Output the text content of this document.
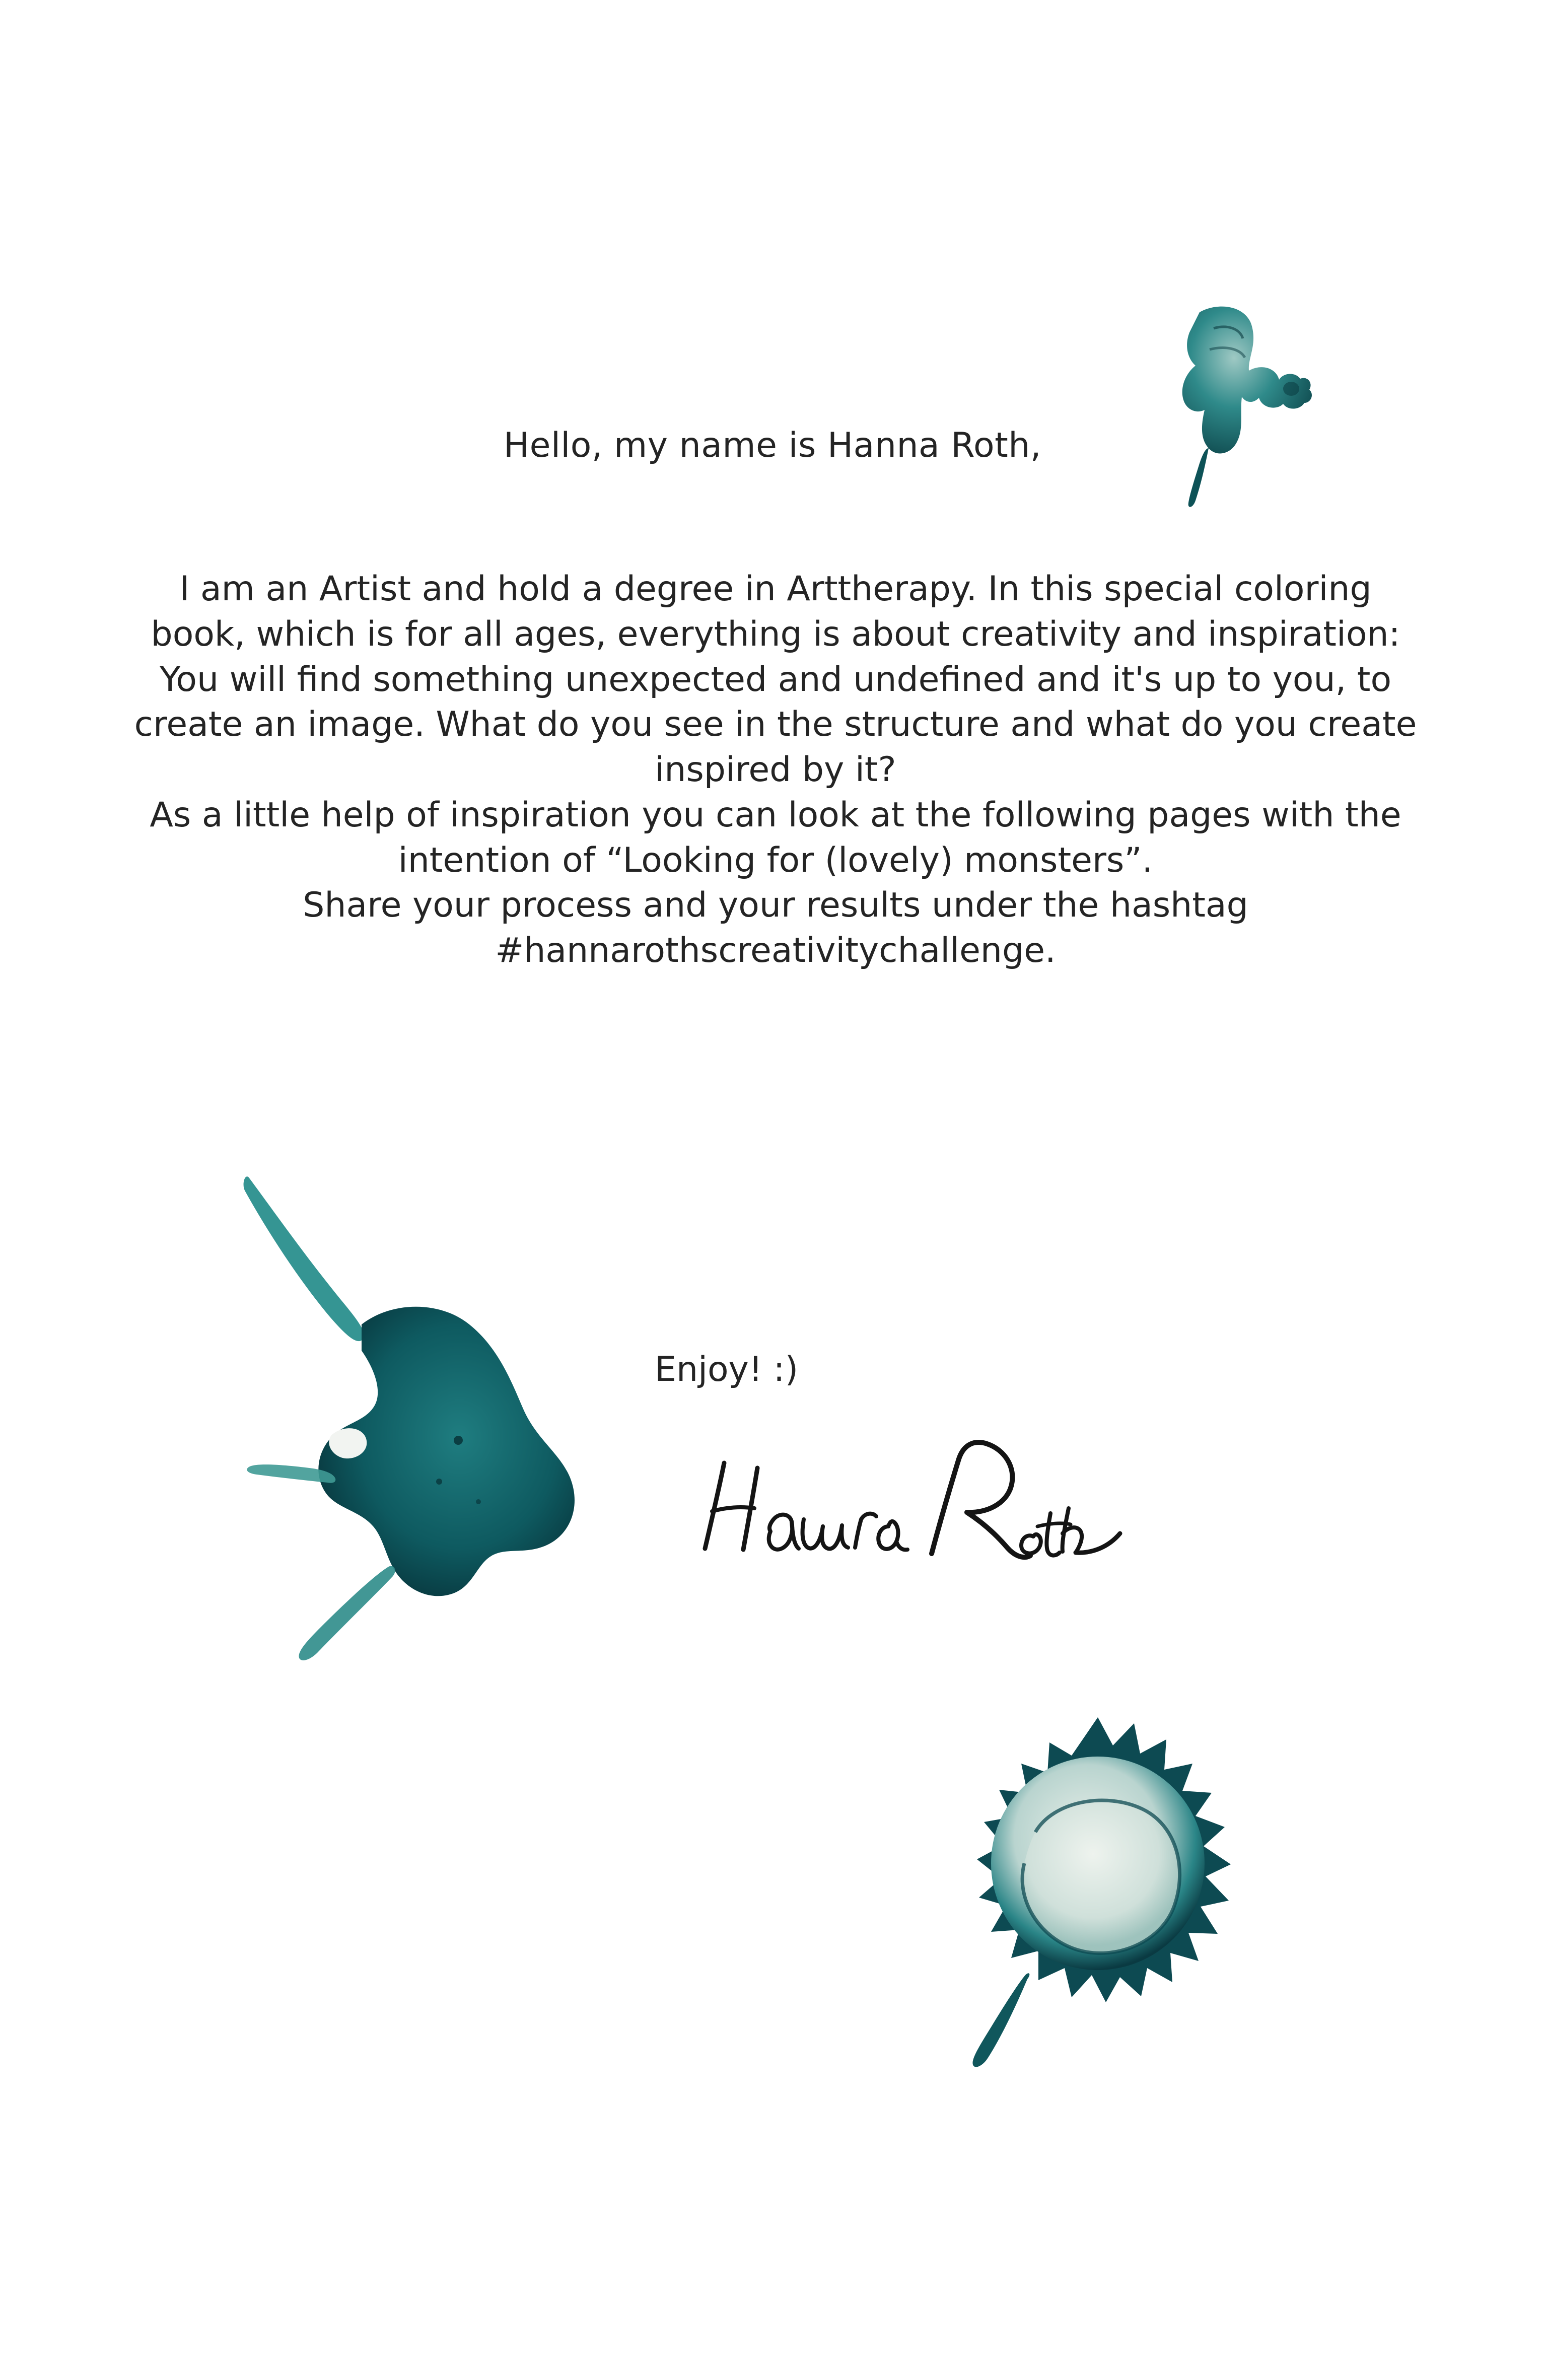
Hello, my name is Hanna Roth,

I am an Artist and hold a degree in Arttherapy. In this special coloring book, which is for all ages, everything is about creativity and inspiration:

You will find something unexpected and undefined and it's up to you, to create an image. What do you see in the structure and what do you create inspired by it?

As a little help of inspiration you can look at the following pages with the intention of “Looking for (lovely) monsters”.

Share your process and your results under the hashtag #hannarothscreativitychallenge.

Enjoy! :)
